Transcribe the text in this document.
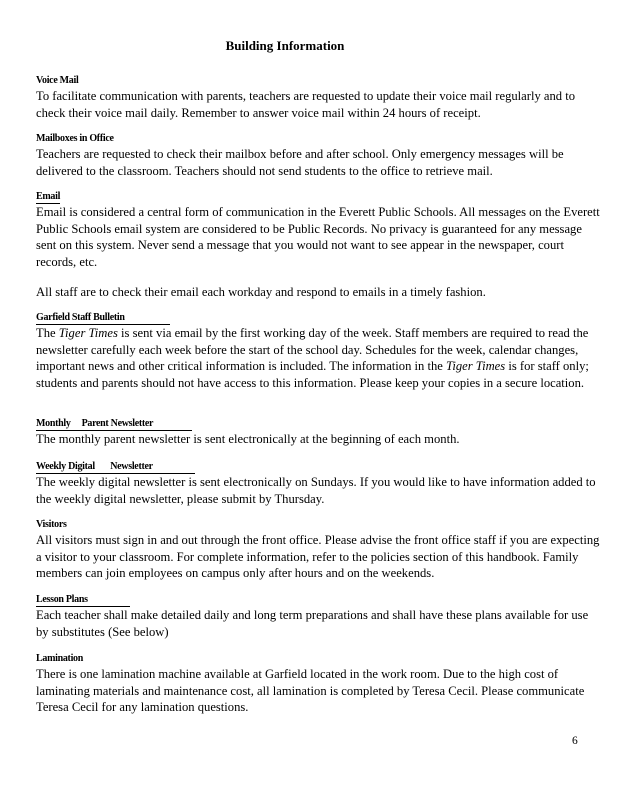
Building Information
Voice Mail

To facilitate communication with parents, teachers are requested to update their voice mail regularly and to check their voice mail daily. Remember to answer voice mail within 24 hours of receipt.

Mailboxes in Office

Teachers are requested to check their mailbox before and after school. Only emergency messages will be delivered to the classroom. Teachers should not send students to the office to retrieve mail.

Email

Email is considered a central form of communication in the Everett Public Schools. All messages on the Everett Public Schools email system are considered to be Public Records. No privacy is guaranteed for any message sent on this system. Never send a message that you would not want to see appear in the newspaper, court records, etc.

All staff are to check their email each workday and respond to emails in a timely fashion.

Garfield Staff Bulletin

The Tiger Times is sent via email by the first working day of the week. Staff members are required to read the newsletter carefully each week before the start of the school day. Schedules for the week, calendar changes, important news and other critical information is included. The information in the Tiger Times is for staff only; students and parents should not have access to this information. Please keep your copies in a secure location.

Monthly     Parent Newsletter

The monthly parent newsletter is sent electronically at the beginning of each month.

Weekly Digital       Newsletter

The weekly digital newsletter is sent electronically on Sundays. If you would like to have information added to the weekly digital newsletter, please submit by Thursday.

Visitors

All visitors must sign in and out through the front office. Please advise the front office staff if you are expecting a visitor to your classroom. For complete information, refer to the policies section of this handbook. Family members can join employees on campus only after hours and on the weekends.

Lesson Plans

Each teacher shall make detailed daily and long term preparations and shall have these plans available for use by substitutes (See below)

Lamination

There is one lamination machine available at Garfield located in the work room. Due to the high cost of laminating materials and maintenance cost, all lamination is completed by Teresa Cecil. Please communicate Teresa Cecil for any lamination questions.

6
